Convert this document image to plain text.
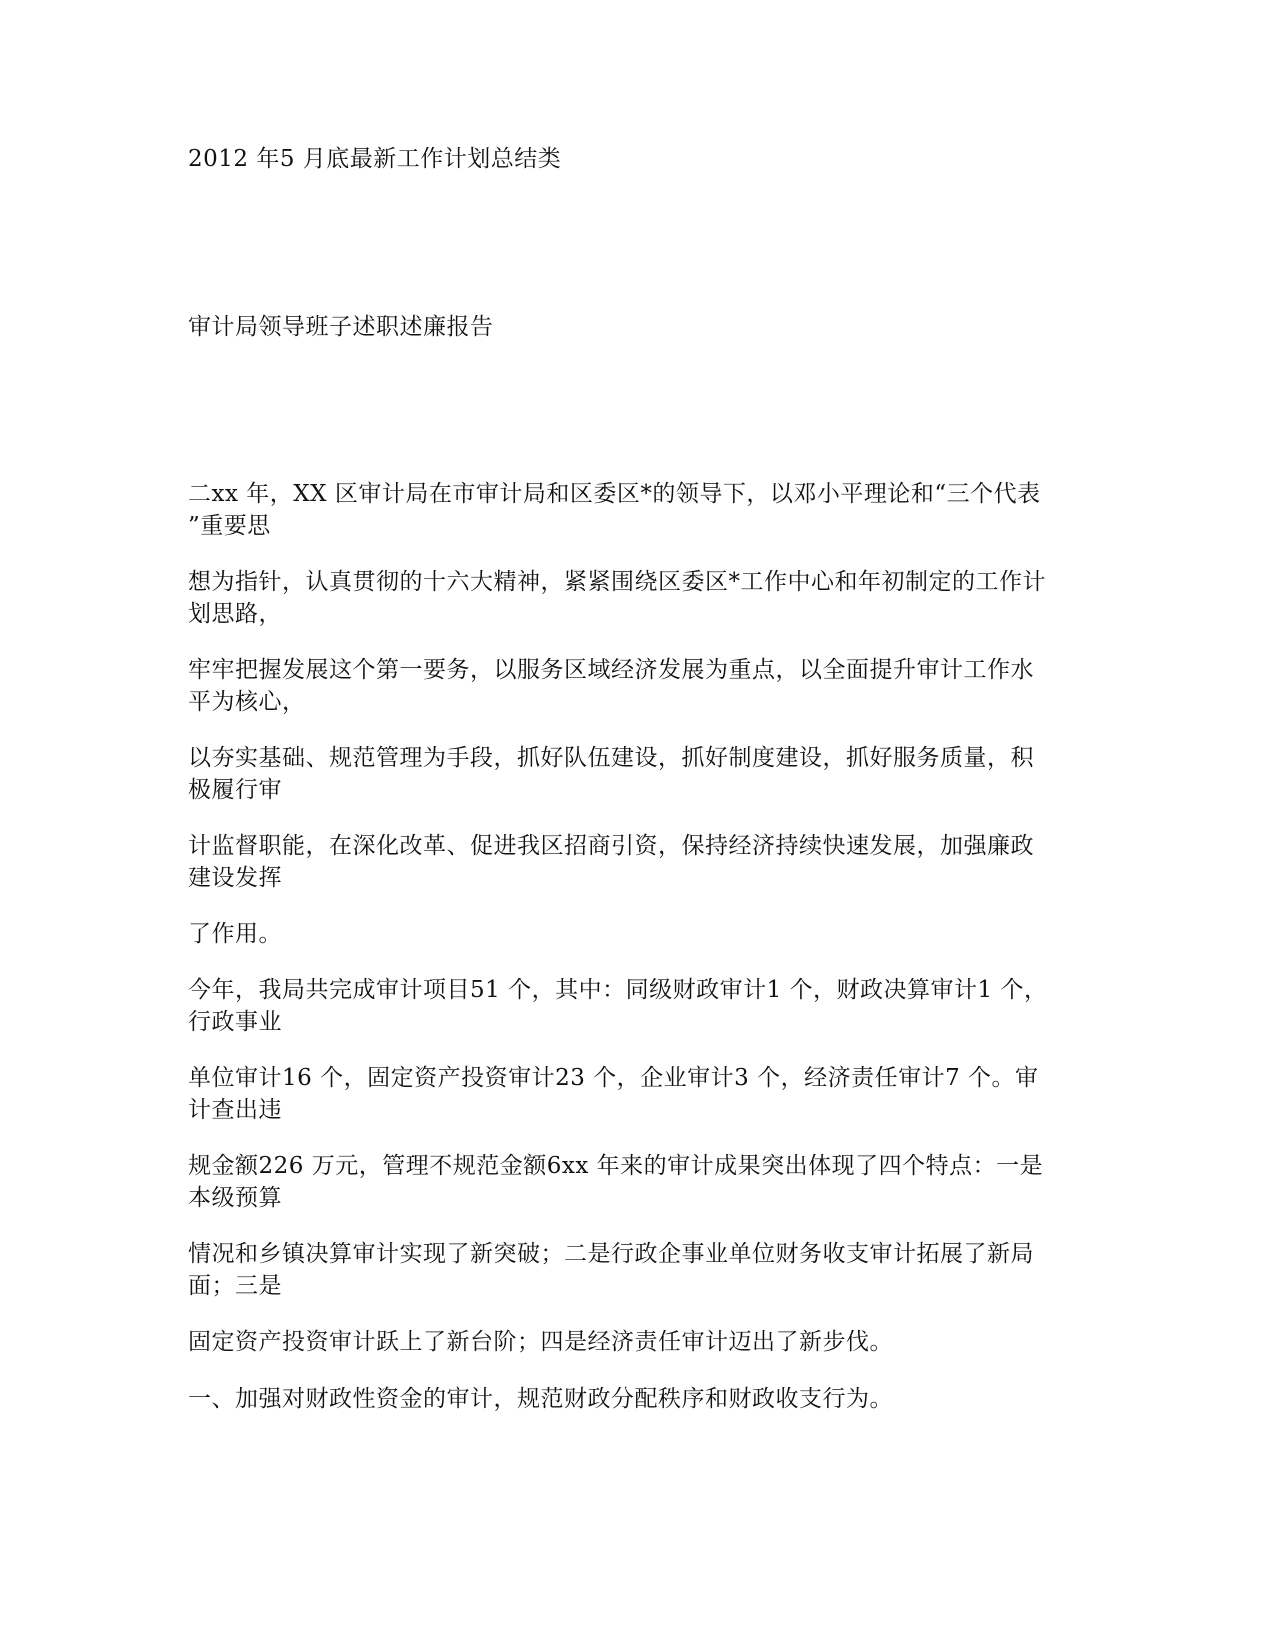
2012 年5 月底最新工作计划总结类
审计局领导班子述职述廉报告
二xx 年，XX 区审计局在市审计局和区委区*的领导下，以邓小平理论和“三个代表
”重要思
想为指针，认真贯彻的十六大精神，紧紧围绕区委区*工作中心和年初制定的工作计
划思路，
牢牢把握发展这个第一要务，以服务区域经济发展为重点，以全面提升审计工作水
平为核心，
以夯实基础、规范管理为手段，抓好队伍建设，抓好制度建设，抓好服务质量，积
极履行审
计监督职能，在深化改革、促进我区招商引资，保持经济持续快速发展，加强廉政
建设发挥
了作用。
今年，我局共完成审计项目51 个，其中：同级财政审计1 个，财政决算审计1 个，
行政事业
单位审计16 个，固定资产投资审计23 个，企业审计3 个，经济责任审计7 个。审
计查出违
规金额226 万元，管理不规范金额6xx 年来的审计成果突出体现了四个特点：一是
本级预算
情况和乡镇决算审计实现了新突破；二是行政企事业单位财务收支审计拓展了新局
面；三是
固定资产投资审计跃上了新台阶；四是经济责任审计迈出了新步伐。
一、加强对财政性资金的审计，规范财政分配秩序和财政收支行为。
